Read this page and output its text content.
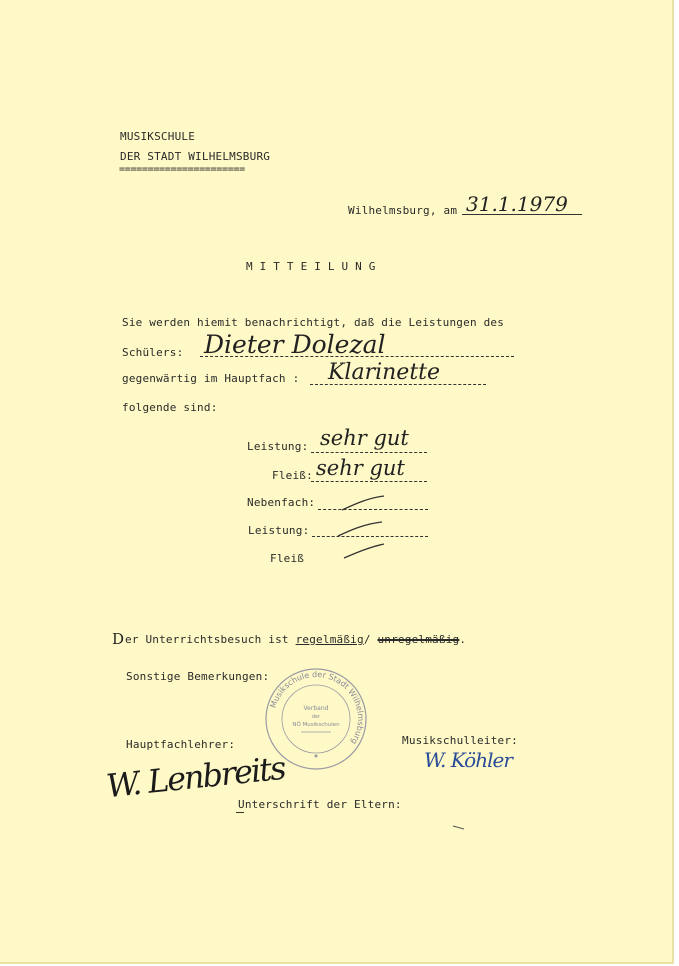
MUSIKSCHULE
DER STADT WILHELMSBURG
======================
Wilhelmsburg, am 31.1.1979
M I T T E I L U N G
Sie werden hiemit benachrichtigt, daß die Leistungen des
Schülers: Dieter Dolezal
gegenwärtig im Hauptfach : Klarinette
folgende sind:
Leistung: sehr gut
Fleiß: sehr gut
Nebenfach:
Leistung:
Fleiß
D er Unterrichtsbesuch ist regelmäßig/ unregelmäßig.
Sonstige Bemerkungen:
Musikschule der Stadt Wilhelmsburg
Verband
der
NÖ Musikschulen
Hauptfachlehrer:
W. Lenbreits
Musikschulleiter:
W. Köhler
Unterschrift der Eltern:
